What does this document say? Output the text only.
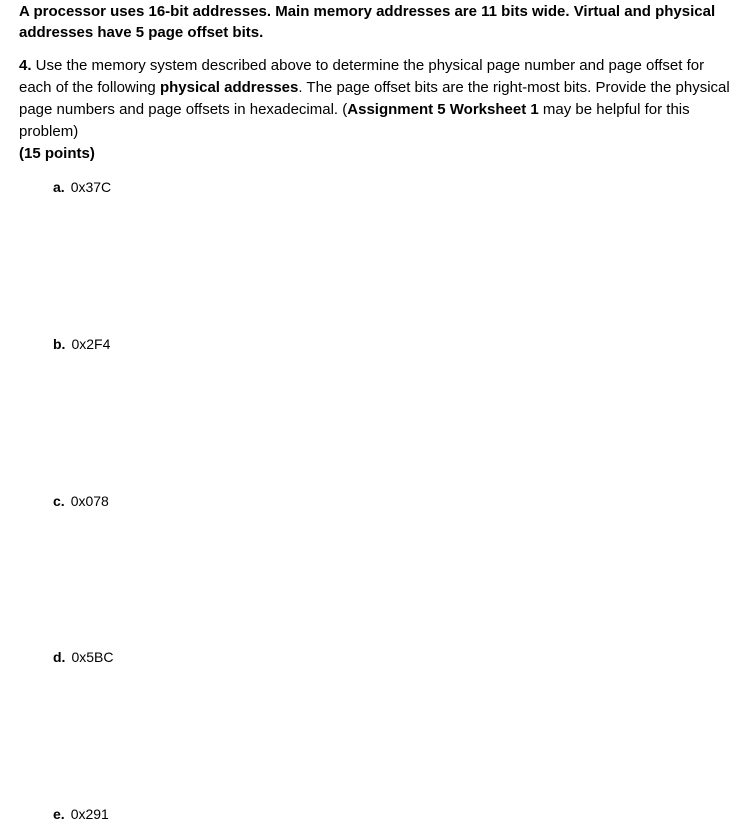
A processor uses 16-bit addresses. Main memory addresses are 11 bits wide. Virtual and physical addresses have 5 page offset bits.
4. Use the memory system described above to determine the physical page number and page offset for each of the following physical addresses. The page offset bits are the right-most bits. Provide the physical page numbers and page offsets in hexadecimal. (Assignment 5 Worksheet 1 may be helpful for this problem)
(15 points)
a. 0x37C
b. 0x2F4
c. 0x078
d. 0x5BC
e. 0x291
